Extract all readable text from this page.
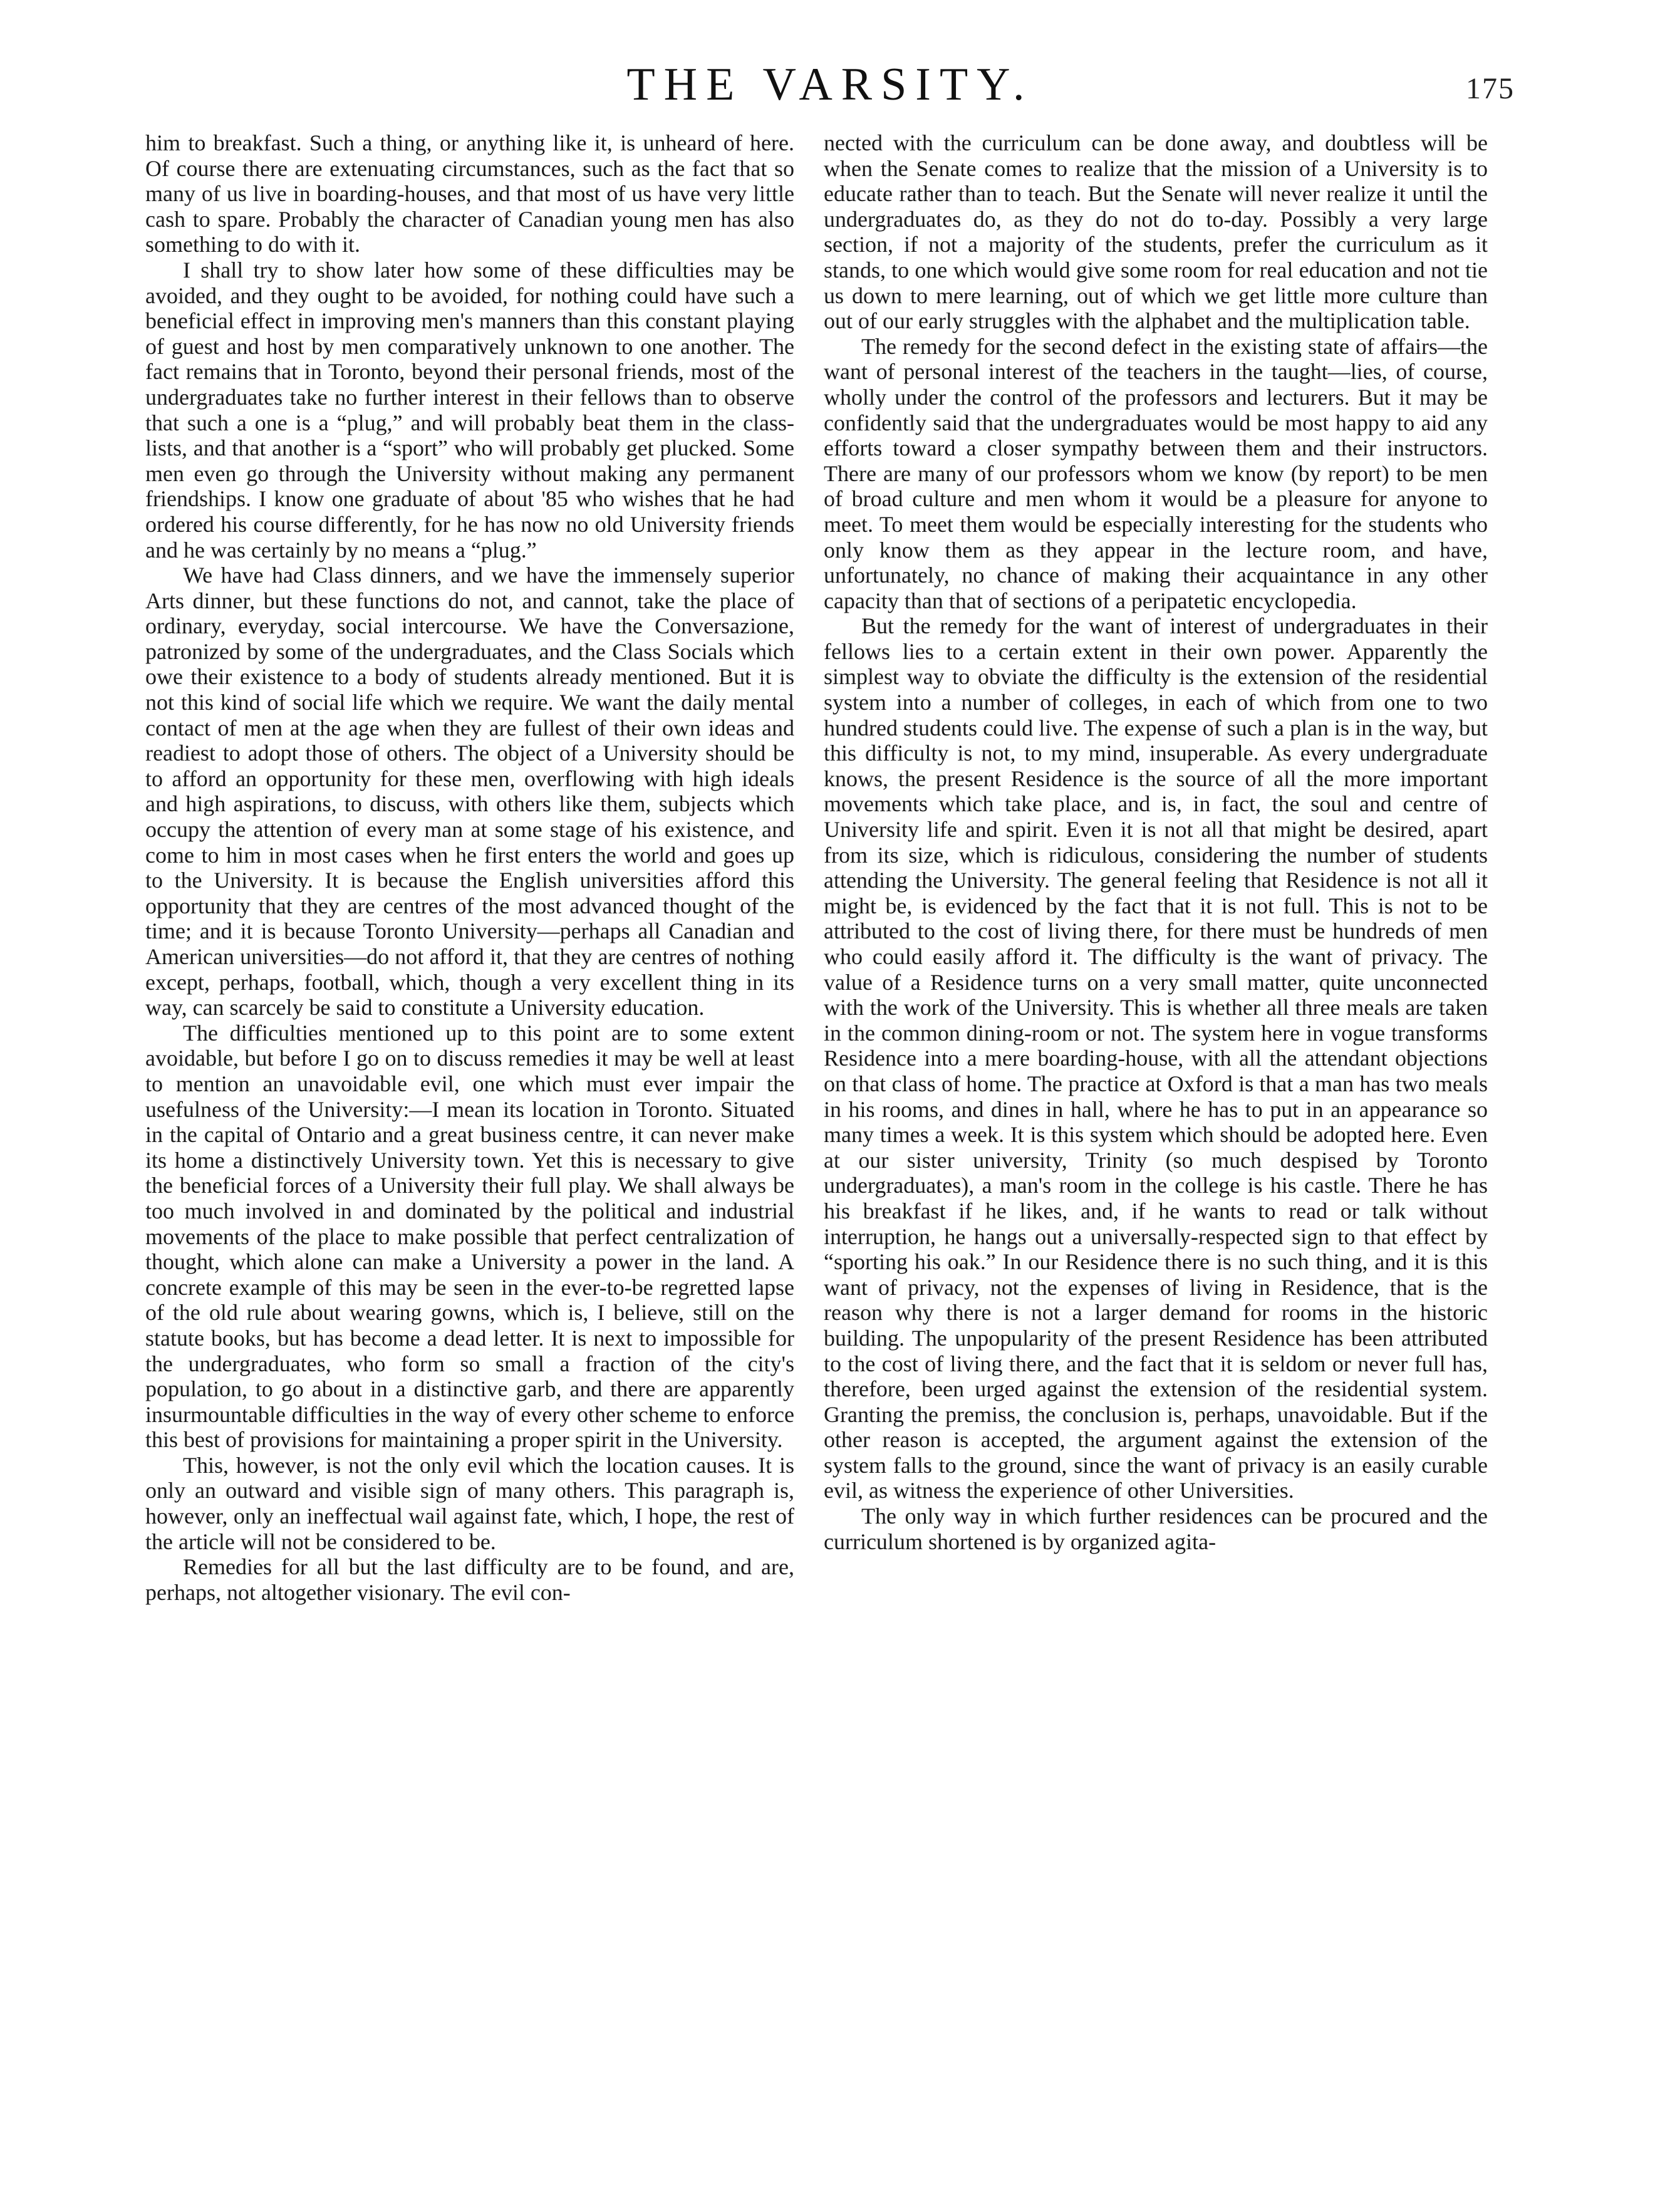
THE VARSITY.	175

him to breakfast. Such a thing, or anything like it, is unheard of here. Of course there are extenuating circumstances, such as the fact that so many of us live in boarding-houses, and that most of us have very little cash to spare. Probably the character of Canadian young men has also something to do with it.

I shall try to show later how some of these difficulties may be avoided, and they ought to be avoided, for nothing could have such a beneficial effect in improving men's manners than this constant playing of guest and host by men comparatively unknown to one another. The fact remains that in Toronto, beyond their personal friends, most of the undergraduates take no further interest in their fellows than to observe that such a one is a “plug,” and will probably beat them in the class-lists, and that another is a “sport” who will probably get plucked. Some men even go through the University without making any permanent friendships. I know one graduate of about '85 who wishes that he had ordered his course differently, for he has now no old University friends and he was certainly by no means a “plug.”

We have had Class dinners, and we have the immensely superior Arts dinner, but these functions do not, and cannot, take the place of ordinary, everyday, social intercourse. We have the Conversazione, patronized by some of the undergraduates, and the Class Socials which owe their existence to a body of students already mentioned. But it is not this kind of social life which we require. We want the daily mental contact of men at the age when they are fullest of their own ideas and readiest to adopt those of others. The object of a University should be to afford an opportunity for these men, overflowing with high ideals and high aspirations, to discuss, with others like them, subjects which occupy the attention of every man at some stage of his existence, and come to him in most cases when he first enters the world and goes up to the University. It is because the English universities afford this opportunity that they are centres of the most advanced thought of the time; and it is because Toronto University—perhaps all Canadian and American universities—do not afford it, that they are centres of nothing except, perhaps, football, which, though a very excellent thing in its way, can scarcely be said to constitute a University education.

The difficulties mentioned up to this point are to some extent avoidable, but before I go on to discuss remedies it may be well at least to mention an unavoidable evil, one which must ever impair the usefulness of the University:—I mean its location in Toronto. Situated in the capital of Ontario and a great business centre, it can never make its home a distinctively University town. Yet this is necessary to give the beneficial forces of a University their full play. We shall always be too much involved in and dominated by the political and industrial movements of the place to make possible that perfect centralization of thought, which alone can make a University a power in the land. A concrete example of this may be seen in the ever-to-be regretted lapse of the old rule about wearing gowns, which is, I believe, still on the statute books, but has become a dead letter. It is next to impossible for the undergraduates, who form so small a fraction of the city's population, to go about in a distinctive garb, and there are apparently insurmountable difficulties in the way of every other scheme to enforce this best of provisions for maintaining a proper spirit in the University.

This, however, is not the only evil which the location causes. It is only an outward and visible sign of many others. This paragraph is, however, only an ineffectual wail against fate, which, I hope, the rest of the article will not be considered to be.

Remedies for all but the last difficulty are to be found, and are, perhaps, not altogether visionary. The evil con-

nected with the curriculum can be done away, and doubtless will be when the Senate comes to realize that the mission of a University is to educate rather than to teach. But the Senate will never realize it until the undergraduates do, as they do not do to-day. Possibly a very large section, if not a majority of the students, prefer the curriculum as it stands, to one which would give some room for real education and not tie us down to mere learning, out of which we get little more culture than out of our early struggles with the alphabet and the multiplication table.

The remedy for the second defect in the existing state of affairs—the want of personal interest of the teachers in the taught—lies, of course, wholly under the control of the professors and lecturers. But it may be confidently said that the undergraduates would be most happy to aid any efforts toward a closer sympathy between them and their instructors. There are many of our professors whom we know (by report) to be men of broad culture and men whom it would be a pleasure for anyone to meet. To meet them would be especially interesting for the students who only know them as they appear in the lecture room, and have, unfortunately, no chance of making their acquaintance in any other capacity than that of sections of a peripatetic encyclopedia.

But the remedy for the want of interest of undergraduates in their fellows lies to a certain extent in their own power. Apparently the simplest way to obviate the difficulty is the extension of the residential system into a number of colleges, in each of which from one to two hundred students could live. The expense of such a plan is in the way, but this difficulty is not, to my mind, insuperable. As every undergraduate knows, the present Residence is the source of all the more important movements which take place, and is, in fact, the soul and centre of University life and spirit. Even it is not all that might be desired, apart from its size, which is ridiculous, considering the number of students attending the University. The general feeling that Residence is not all it might be, is evidenced by the fact that it is not full. This is not to be attributed to the cost of living there, for there must be hundreds of men who could easily afford it. The difficulty is the want of privacy. The value of a Residence turns on a very small matter, quite unconnected with the work of the University. This is whether all three meals are taken in the common dining-room or not. The system here in vogue transforms Residence into a mere boarding-house, with all the attendant objections on that class of home. The practice at Oxford is that a man has two meals in his rooms, and dines in hall, where he has to put in an appearance so many times a week. It is this system which should be adopted here. Even at our sister university, Trinity (so much despised by Toronto undergraduates), a man's room in the college is his castle. There he has his breakfast if he likes, and, if he wants to read or talk without interruption, he hangs out a universally-respected sign to that effect by “sporting his oak.” In our Residence there is no such thing, and it is this want of privacy, not the expenses of living in Residence, that is the reason why there is not a larger demand for rooms in the historic building. The unpopularity of the present Residence has been attributed to the cost of living there, and the fact that it is seldom or never full has, therefore, been urged against the extension of the residential system. Granting the premiss, the conclusion is, perhaps, unavoidable. But if the other reason is accepted, the argument against the extension of the system falls to the ground, since the want of privacy is an easily curable evil, as witness the experience of other Universities.

The only way in which further residences can be procured and the curriculum shortened is by organized agita-
